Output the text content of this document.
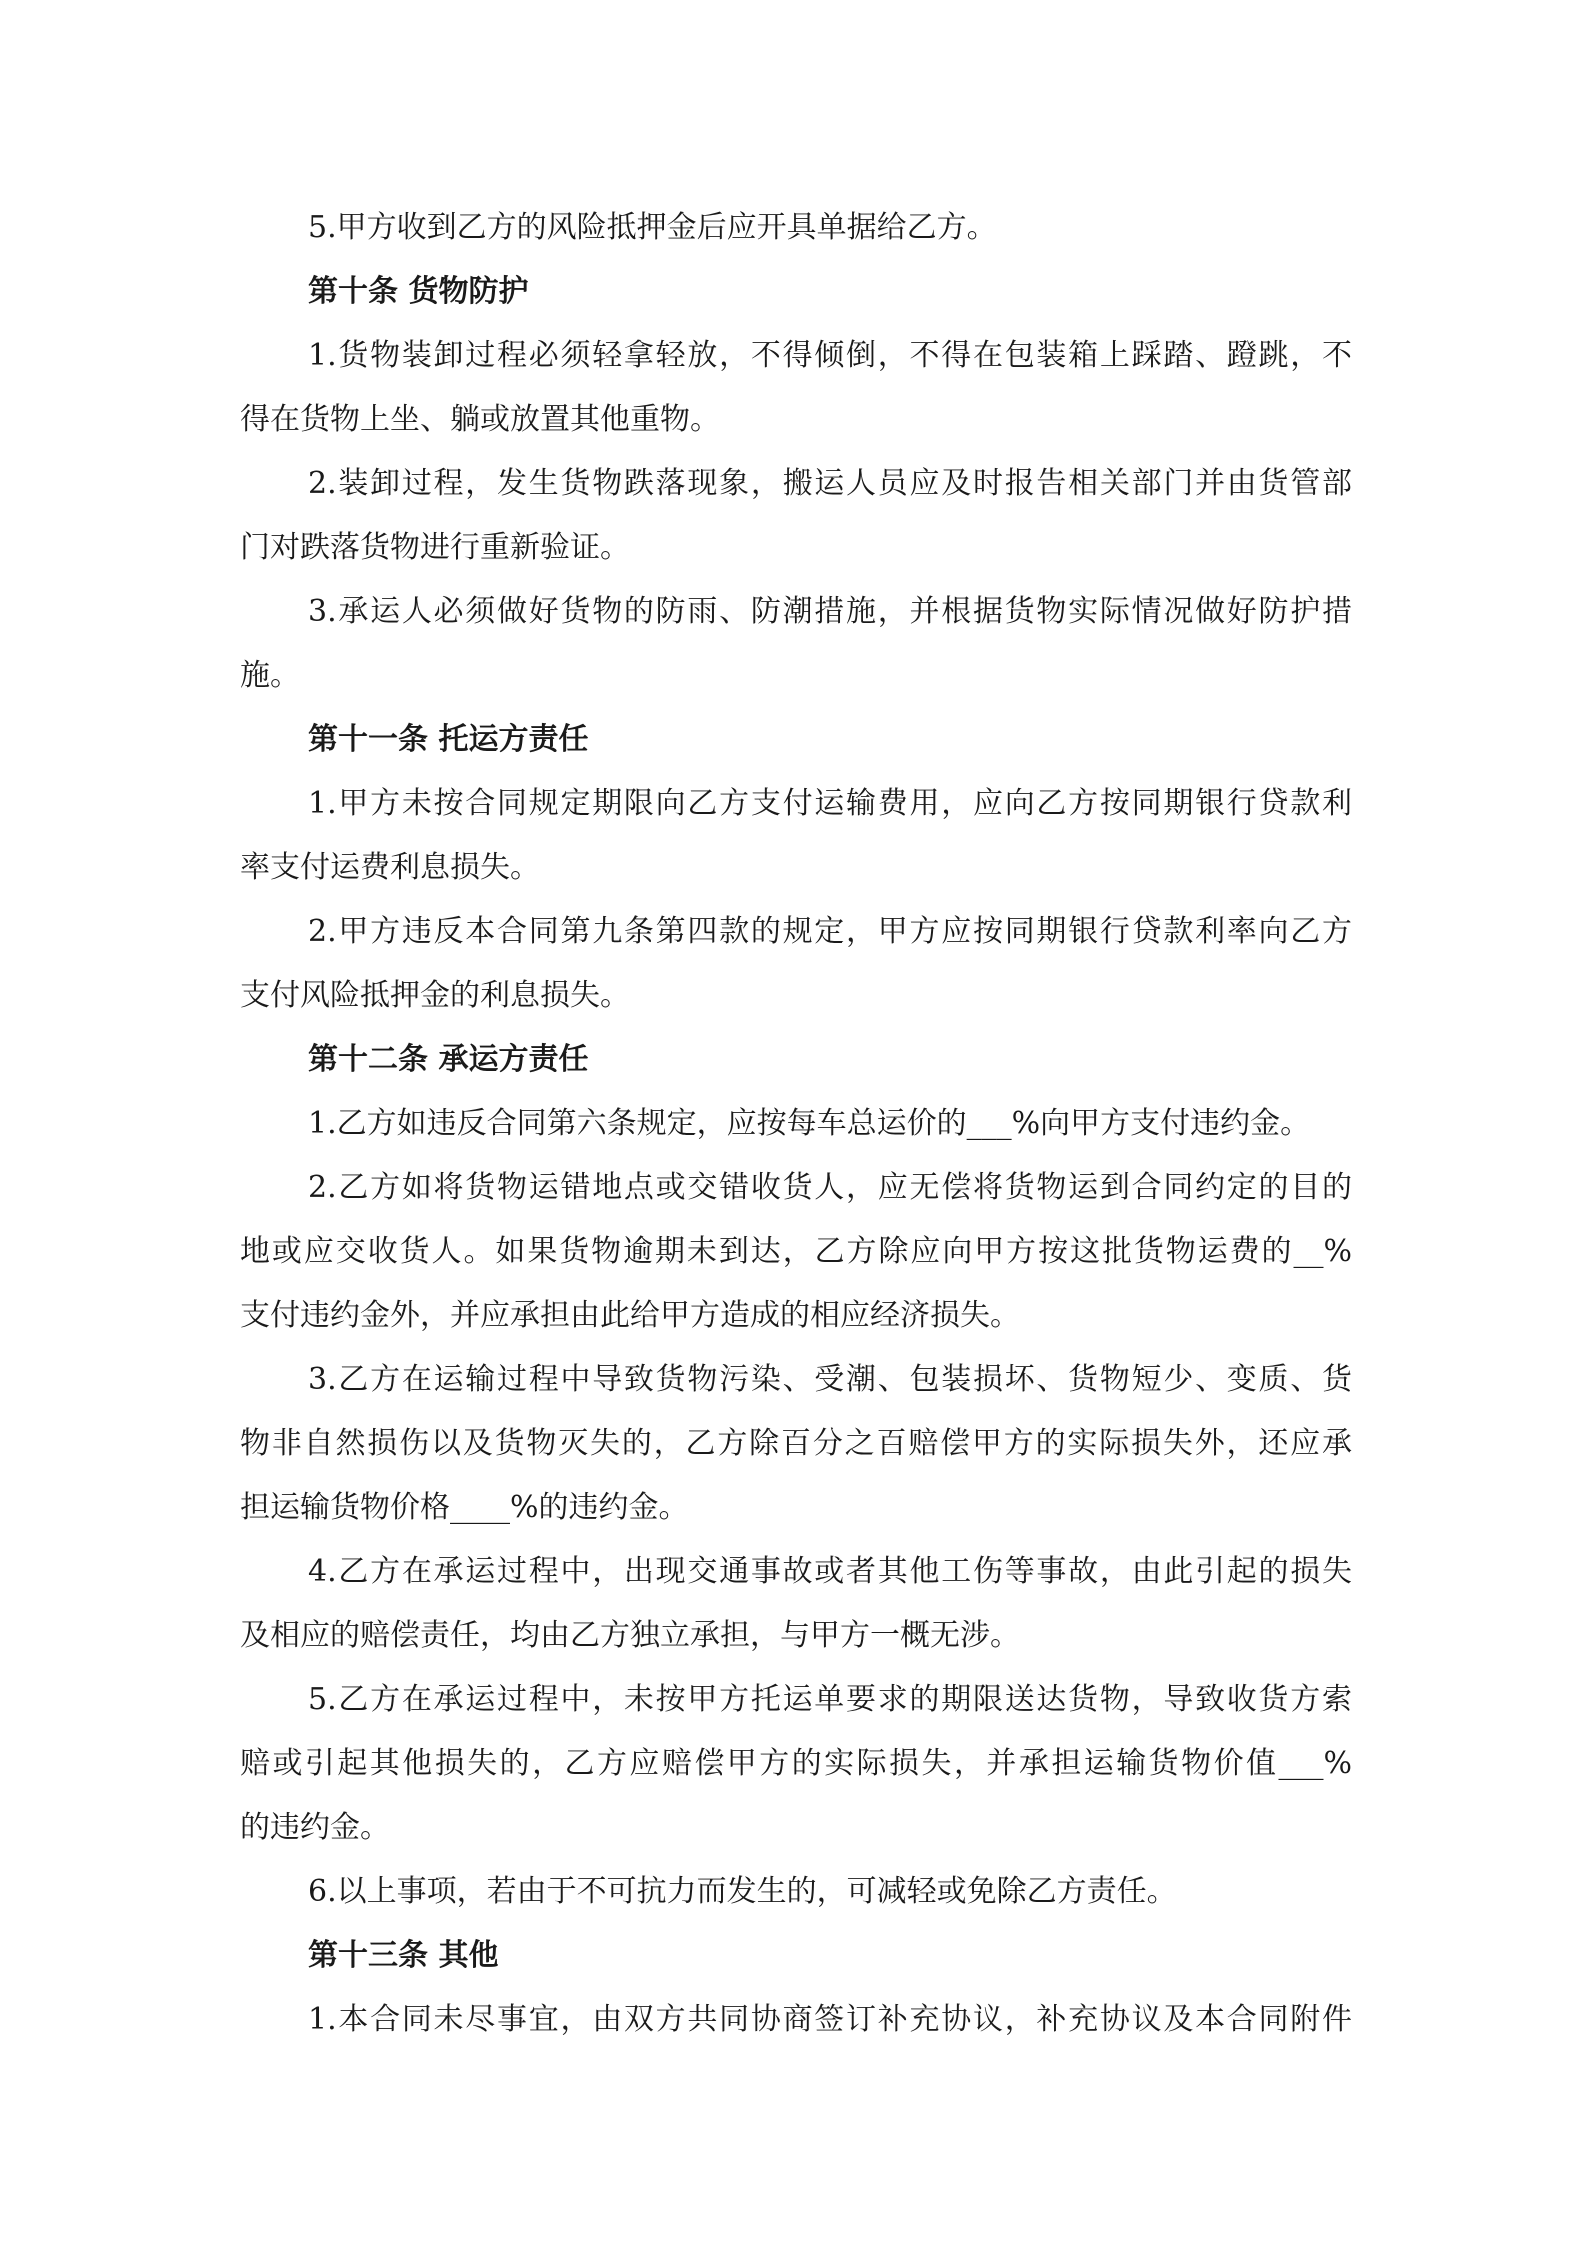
5.甲方收到乙方的风险抵押金后应开具单据给乙方。
第十条 货物防护
1.货物装卸过程必须轻拿轻放，不得倾倒，不得在包装箱上踩踏、蹬跳，不
得在货物上坐、躺或放置其他重物。
2.装卸过程，发生货物跌落现象，搬运人员应及时报告相关部门并由货管部
门对跌落货物进行重新验证。
3.承运人必须做好货物的防雨、防潮措施，并根据货物实际情况做好防护措
施。
第十一条 托运方责任
1.甲方未按合同规定期限向乙方支付运输费用，应向乙方按同期银行贷款利
率支付运费利息损失。
2.甲方违反本合同第九条第四款的规定，甲方应按同期银行贷款利率向乙方
支付风险抵押金的利息损失。
第十二条 承运方责任
1.乙方如违反合同第六条规定，应按每车总运价的___%向甲方支付违约金。
2.乙方如将货物运错地点或交错收货人，应无偿将货物运到合同约定的目的
地或应交收货人。如果货物逾期未到达，乙方除应向甲方按这批货物运费的__%
支付违约金外，并应承担由此给甲方造成的相应经济损失。
3.乙方在运输过程中导致货物污染、受潮、包装损坏、货物短少、变质、货
物非自然损伤以及货物灭失的，乙方除百分之百赔偿甲方的实际损失外，还应承
担运输货物价格____%的违约金。
4.乙方在承运过程中，出现交通事故或者其他工伤等事故，由此引起的损失
及相应的赔偿责任，均由乙方独立承担，与甲方一概无涉。
5.乙方在承运过程中，未按甲方托运单要求的期限送达货物，导致收货方索
赔或引起其他损失的，乙方应赔偿甲方的实际损失，并承担运输货物价值___%
的违约金。
6.以上事项，若由于不可抗力而发生的，可减轻或免除乙方责任。
第十三条 其他
1.本合同未尽事宜，由双方共同协商签订补充协议，补充协议及本合同附件
